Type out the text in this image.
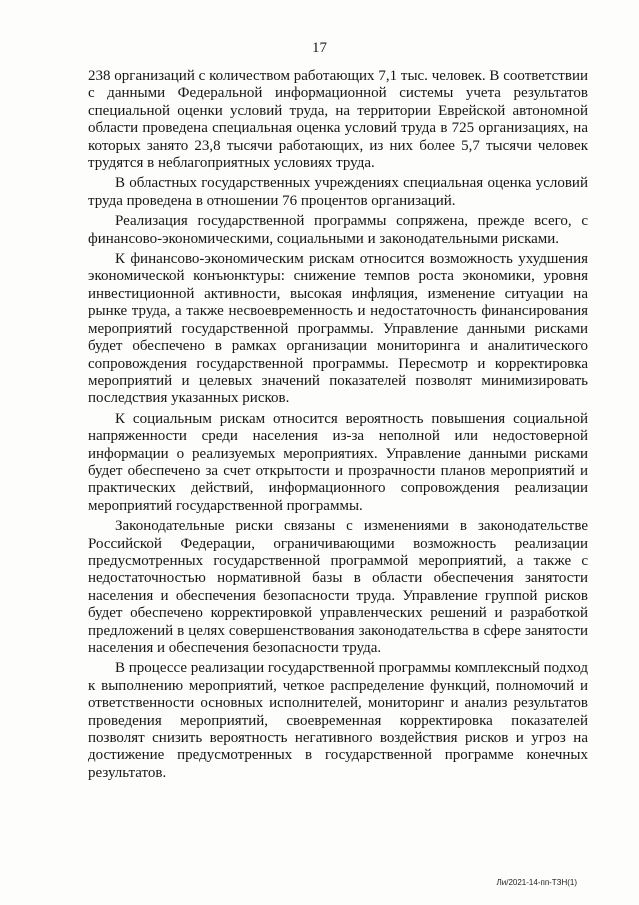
17

238 организаций с количеством работающих 7,1 тыс. человек. В соответствии с данными Федеральной информационной системы учета результатов специальной оценки условий труда, на территории Еврейской автономной области проведена специальная оценка условий труда в 725 организациях, на которых занято 23,8 тысячи работающих, из них более 5,7 тысячи человек трудятся в неблагоприятных условиях труда.

В областных государственных учреждениях специальная оценка условий труда проведена в отношении 76 процентов организаций.

Реализация государственной программы сопряжена, прежде всего, с финансово-экономическими, социальными и законодательными рисками.

К финансово-экономическим рискам относится возможность ухудшения экономической конъюнктуры: снижение темпов роста экономики, уровня инвестиционной активности, высокая инфляция, изменение ситуации на рынке труда, а также несвоевременность и недостаточность финансирования мероприятий государственной программы. Управление данными рисками будет обеспечено в рамках организации мониторинга и аналитического сопровождения государственной программы. Пересмотр и корректировка мероприятий и целевых значений показателей позволят минимизировать последствия указанных рисков.

К социальным рискам относится вероятность повышения социальной напряженности среди населения из-за неполной или недостоверной информации о реализуемых мероприятиях. Управление данными рисками будет обеспечено за счет открытости и прозрачности планов мероприятий и практических действий, информационного сопровождения реализации мероприятий государственной программы.

Законодательные риски связаны с изменениями в законодательстве Российской Федерации, ограничивающими возможность реализации предусмотренных государственной программой мероприятий, а также с недостаточностью нормативной базы в области обеспечения занятости населения и обеспечения безопасности труда. Управление группой рисков будет обеспечено корректировкой управленческих решений и разработкой предложений в целях совершенствования законодательства в сфере занятости населения и обеспечения безопасности труда.

В процессе реализации государственной программы комплексный подход к выполнению мероприятий, четкое распределение функций, полномочий и ответственности основных исполнителей, мониторинг и анализ результатов проведения мероприятий, своевременная корректировка показателей позволят снизить вероятность негативного воздействия рисков и угроз на достижение предусмотренных в государственной программе конечных результатов.

Ли/2021-14-пп-ТЗН(1)
